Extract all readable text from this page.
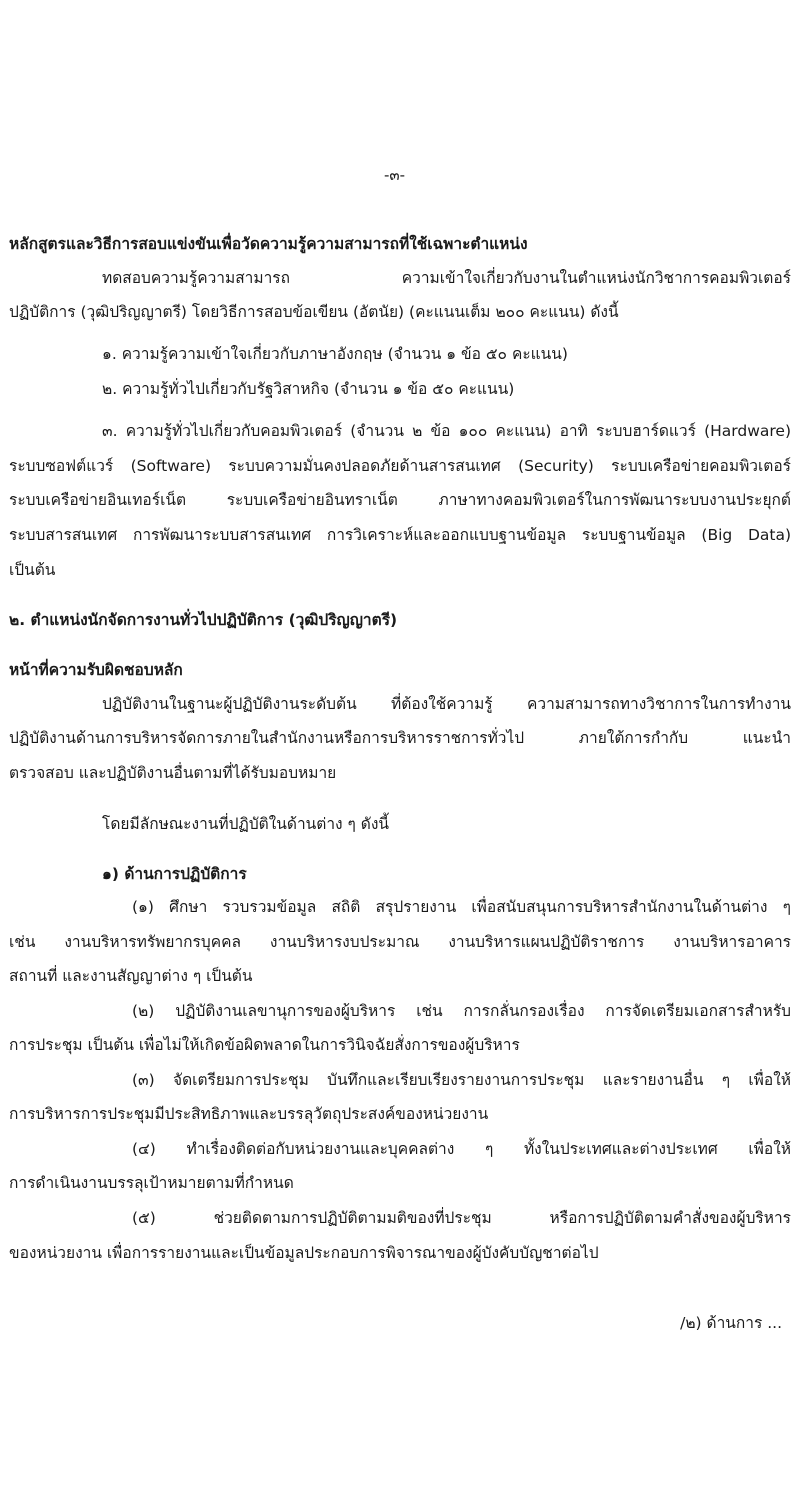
-๓-
หลักสูตรและวิธีการสอบแข่งขันเพื่อวัดความรู้ความสามารถที่ใช้เฉพาะตำแหน่ง
ทดสอบความรู้ความสามารถ ความเข้าใจเกี่ยวกับงานในตำแหน่งนักวิชาการคอมพิวเตอร์
ปฏิบัติการ (วุฒิปริญญาตรี) โดยวิธีการสอบข้อเขียน (อัตนัย) (คะแนนเต็ม ๒๐๐ คะแนน) ดังนี้
๑. ความรู้ความเข้าใจเกี่ยวกับภาษาอังกฤษ (จำนวน ๑ ข้อ ๕๐ คะแนน)
๒. ความรู้ทั่วไปเกี่ยวกับรัฐวิสาหกิจ (จำนวน ๑ ข้อ ๕๐ คะแนน)
๓. ความรู้ทั่วไปเกี่ยวกับคอมพิวเตอร์ (จำนวน ๒ ข้อ ๑๐๐ คะแนน) อาทิ ระบบฮาร์ดแวร์ (Hardware)
ระบบซอฟต์แวร์ (Software) ระบบความมั่นคงปลอดภัยด้านสารสนเทศ (Security) ระบบเครือข่ายคอมพิวเตอร์
ระบบเครือข่ายอินเทอร์เน็ต ระบบเครือข่ายอินทราเน็ต ภาษาทางคอมพิวเตอร์ในการพัฒนาระบบงานประยุกต์
ระบบสารสนเทศ การพัฒนาระบบสารสนเทศ การวิเคราะห์และออกแบบฐานข้อมูล ระบบฐานข้อมูล (Big Data)
เป็นต้น
๒. ตำแหน่งนักจัดการงานทั่วไปปฏิบัติการ (วุฒิปริญญาตรี)
หน้าที่ความรับผิดชอบหลัก
ปฏิบัติงานในฐานะผู้ปฏิบัติงานระดับต้น ที่ต้องใช้ความรู้ ความสามารถทางวิชาการในการทำงาน
ปฏิบัติงานด้านการบริหารจัดการภายในสำนักงานหรือการบริหารราชการทั่วไป ภายใต้การกำกับ แนะนำ
ตรวจสอบ และปฏิบัติงานอื่นตามที่ได้รับมอบหมาย
โดยมีลักษณะงานที่ปฏิบัติในด้านต่าง ๆ ดังนี้
๑) ด้านการปฏิบัติการ
(๑) ศึกษา รวบรวมข้อมูล สถิติ สรุปรายงาน เพื่อสนับสนุนการบริหารสำนักงานในด้านต่าง ๆ
เช่น งานบริหารทรัพยากรบุคคล งานบริหารงบประมาณ งานบริหารแผนปฏิบัติราชการ งานบริหารอาคาร
สถานที่ และงานสัญญาต่าง ๆ เป็นต้น
(๒) ปฏิบัติงานเลขานุการของผู้บริหาร เช่น การกลั่นกรองเรื่อง การจัดเตรียมเอกสารสำหรับ
การประชุม เป็นต้น เพื่อไม่ให้เกิดข้อผิดพลาดในการวินิจฉัยสั่งการของผู้บริหาร
(๓) จัดเตรียมการประชุม บันทึกและเรียบเรียงรายงานการประชุม และรายงานอื่น ๆ เพื่อให้
การบริหารการประชุมมีประสิทธิภาพและบรรลุวัตถุประสงค์ของหน่วยงาน
(๔) ทำเรื่องติดต่อกับหน่วยงานและบุคคลต่าง ๆ ทั้งในประเทศและต่างประเทศ เพื่อให้
การดำเนินงานบรรลุเป้าหมายตามที่กำหนด
(๕) ช่วยติดตามการปฏิบัติตามมติของที่ประชุม หรือการปฏิบัติตามคำสั่งของผู้บริหาร
ของหน่วยงาน เพื่อการรายงานและเป็นข้อมูลประกอบการพิจารณาของผู้บังคับบัญชาต่อไป
/๒) ด้านการ ...
